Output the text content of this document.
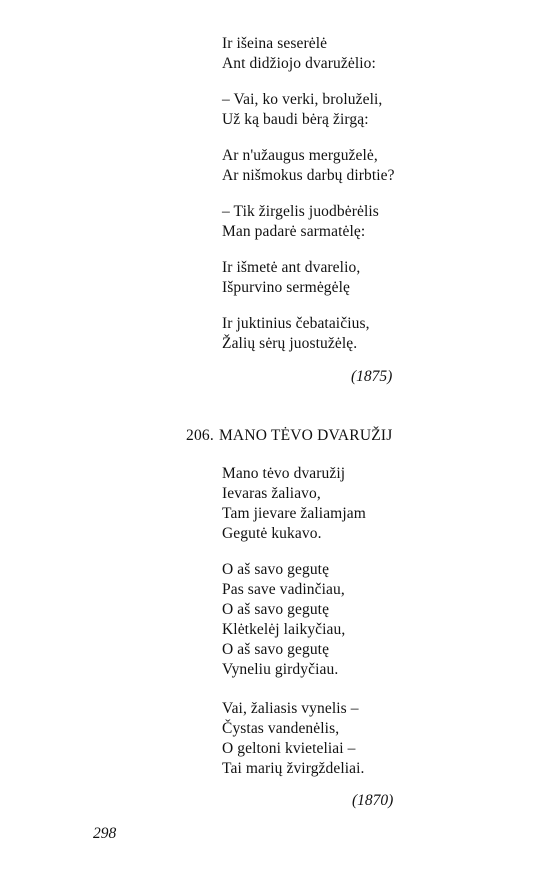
Ir išeina seserėlė
Ant didžiojo dvaružėlio:
– Vai, ko verki, broluželi,
Už ką baudi bėrą žirgą:
Ar n'užaugus merguželė,
Ar nišmokus darbų dirbtie?
– Tik žirgelis juodbėrėlis
Man padarė sarmatėlę:
Ir išmetė ant dvarelio,
Išpurvino sermėgėlę
Ir juktinius čebataičius,
Žalių sėrų juostužėlę.
(1875)
206. MANO TĖVO DVARUŽIJ
Mano tėvo dvaružij
Ievaras žaliavo,
Tam jievare žaliamjam
Gegutė kukavo.
O aš savo gegutę
Pas save vadinčiau,
O aš savo gegutę
Klėtkelėj laikyčiau,
O aš savo gegutę
Vyneliu girdyčiau.
Vai, žaliasis vynelis –
Čystas vandenėlis,
O geltoni kvieteliai –
Tai marių žvirgždeliai.
(1870)
298
